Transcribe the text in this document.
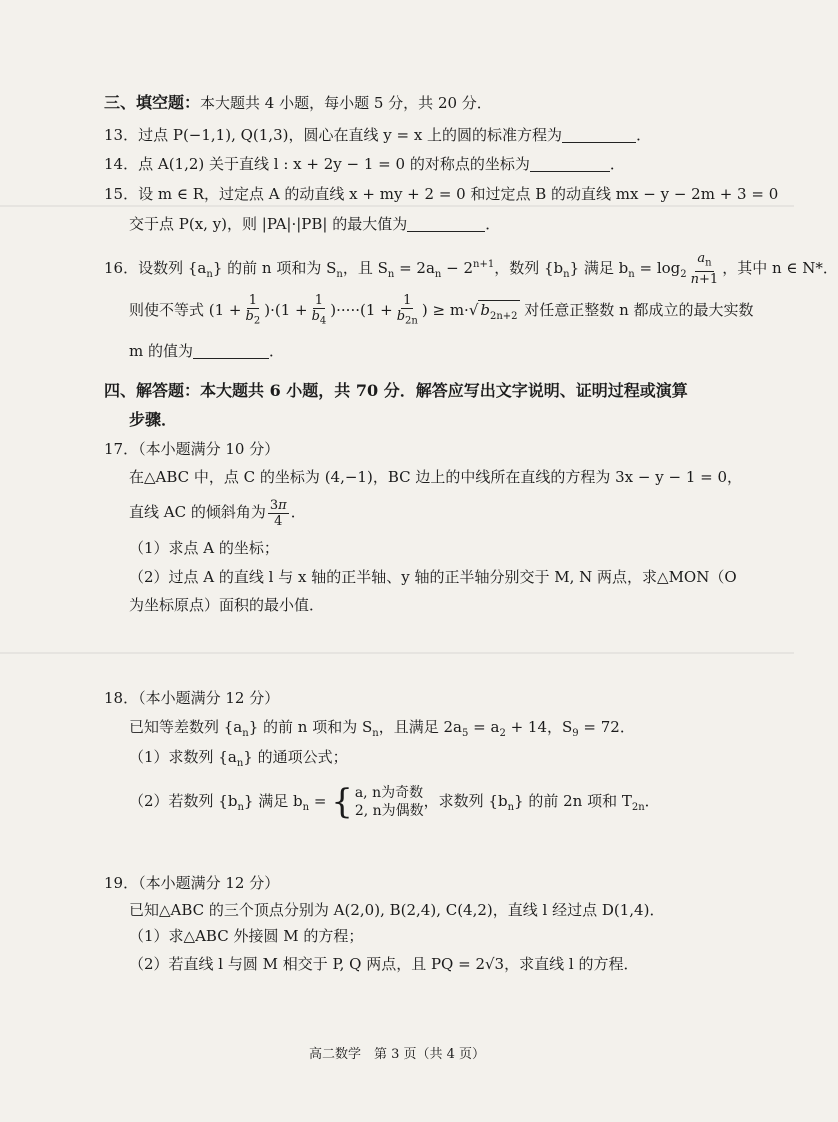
三、填空题：本大题共 4 小题，每小题 5 分，共 20 分．
13．过点 P(−1,1), Q(1,3)，圆心在直线 y = x 上的圆的标准方程为	．
14．点 A(1,2) 关于直线 l : x + 2y − 1 = 0 的对称点的坐标为	．
15．设 m ∈ R，过定点 A 的动直线 x + my + 2 = 0 和过定点 B 的动直线 mx − y − 2m + 3 = 0
交于点 P(x, y)，则 |PA|·|PB| 的最大值为	．
16．设数列 $\{a_n\}$ 的前 n 项和为 $S_n$，且 $S_n = 2a_n - 2^{n+1}$，数列 $\{b_n\}$ 满足 $b_n = \log_2 \frac{a_n}{n+1}$ ，其中 n ∈ N*．
则使不等式 $(1 + \frac{1}{b_2} )\cdot(1 + \frac{1}{b_4} )\cdot\cdot\cdot\cdot\cdot(1 + \frac{1}{b_{2n}}$ ) ≥ m·√ $b_{2n+2}$ 对任意正整数 n 都成立的最大实数
m 的值为	．
四、解答题：本大题共 6 小题，共 70 分．解答应写出文字说明、证明过程或演算
步骤．
17．（本小题满分 10 分）
在△ABC 中，点 C 的坐标为 (4,−1)，BC 边上的中线所在直线的方程为 3x − y − 1 = 0，
直线 AC 的倾斜角为 $\frac{3\pi}{4}$ ．
（1）求点 A 的坐标；
（2）过点 A 的直线 l 与 x 轴的正半轴、y 轴的正半轴分别交于 M, N 两点，求△MON（O
为坐标原点）面积的最小值．
18．（本小题满分 12 分）
已知等差数列 $\{a_n\}$ 的前 n 项和为 $S_n$，且满足 $2a_5 = a_2 + 14$，$S_9 = 72$．
（1）求数列 $\{a_n\}$ 的通项公式；
（2）若数列 $\{b_n\}$ 满足 $b_n$ = { a, n为奇数
2, n为偶数
，求数列 $\{b_n\}$ 的前 2n 项和 $T_{2n}$．
19．（本小题满分 12 分）
已知△ABC 的三个顶点分别为 A(2,0), B(2,4), C(4,2)，直线 l 经过点 D(1,4)．
（1）求△ABC 外接圆 M 的方程；
（2）若直线 l 与圆 M 相交于 P, Q 两点，且 PQ = 2√3，求直线 l 的方程．
高二数学　第 3 页（共 4 页）
